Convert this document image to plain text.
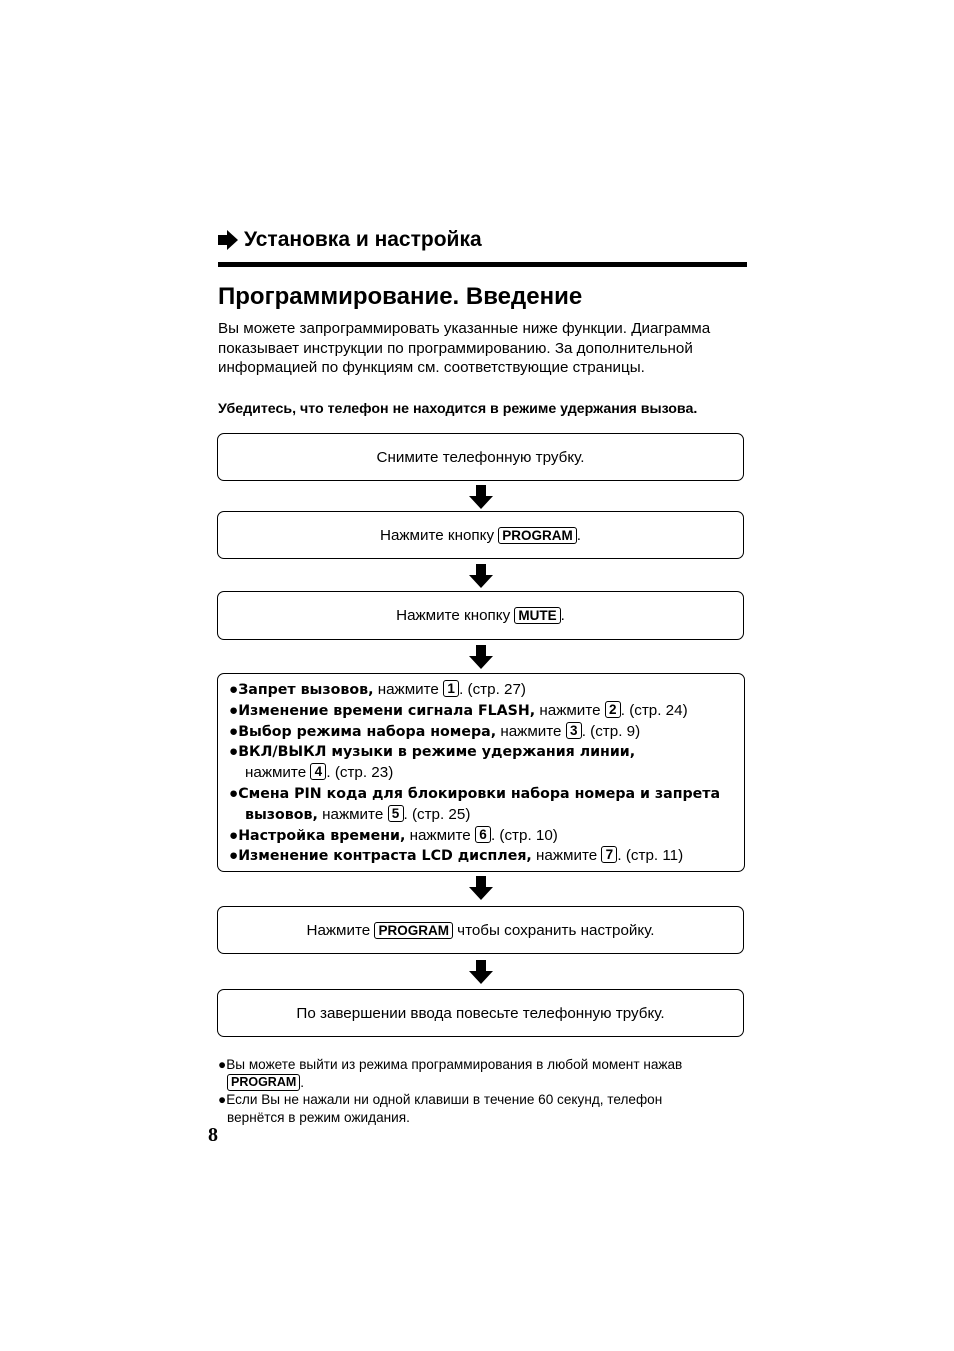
Установка и настройка
Программирование. Введение
Вы можете запрограммировать указанные ниже функции. Диаграмма показывает инструкции по программированию. За дополнительной информацией по функциям см. соответствующие страницы.
Убедитесь, что телефон не находится в режиме удержания вызова.
Снимите телефонную трубку.
Нажмите кнопку PROGRAM .
Нажмите кнопку MUTE .
●Запрет вызовов, нажмите 1 . (стр. 27)
●Изменение времени сигнала FLASH, нажмите 2 . (стр. 24)
●Выбор режима набора номера, нажмите 3 . (стр. 9)
●ВКЛ/ВЫКЛ музыки в режиме удержания линии,
нажмите 4 . (стр. 23)
●Смена PIN кода для блокировки набора номера и запрета
вызовов, нажмите 5 . (стр. 25)
●Настройка времени, нажмите 6 . (стр. 10)
●Изменение контраста LCD дисплея, нажмите 7 . (стр. 11)
Нажмите PROGRAM чтобы сохранить настройку.
По завершении ввода повесьте телефонную трубку.
●Вы можете выйти из режима программирования в любой момент нажав
PROGRAM .
●Если Вы не нажали ни одной клавиши в течение 60 секунд, телефон
вернётся в режим ожидания.
8
